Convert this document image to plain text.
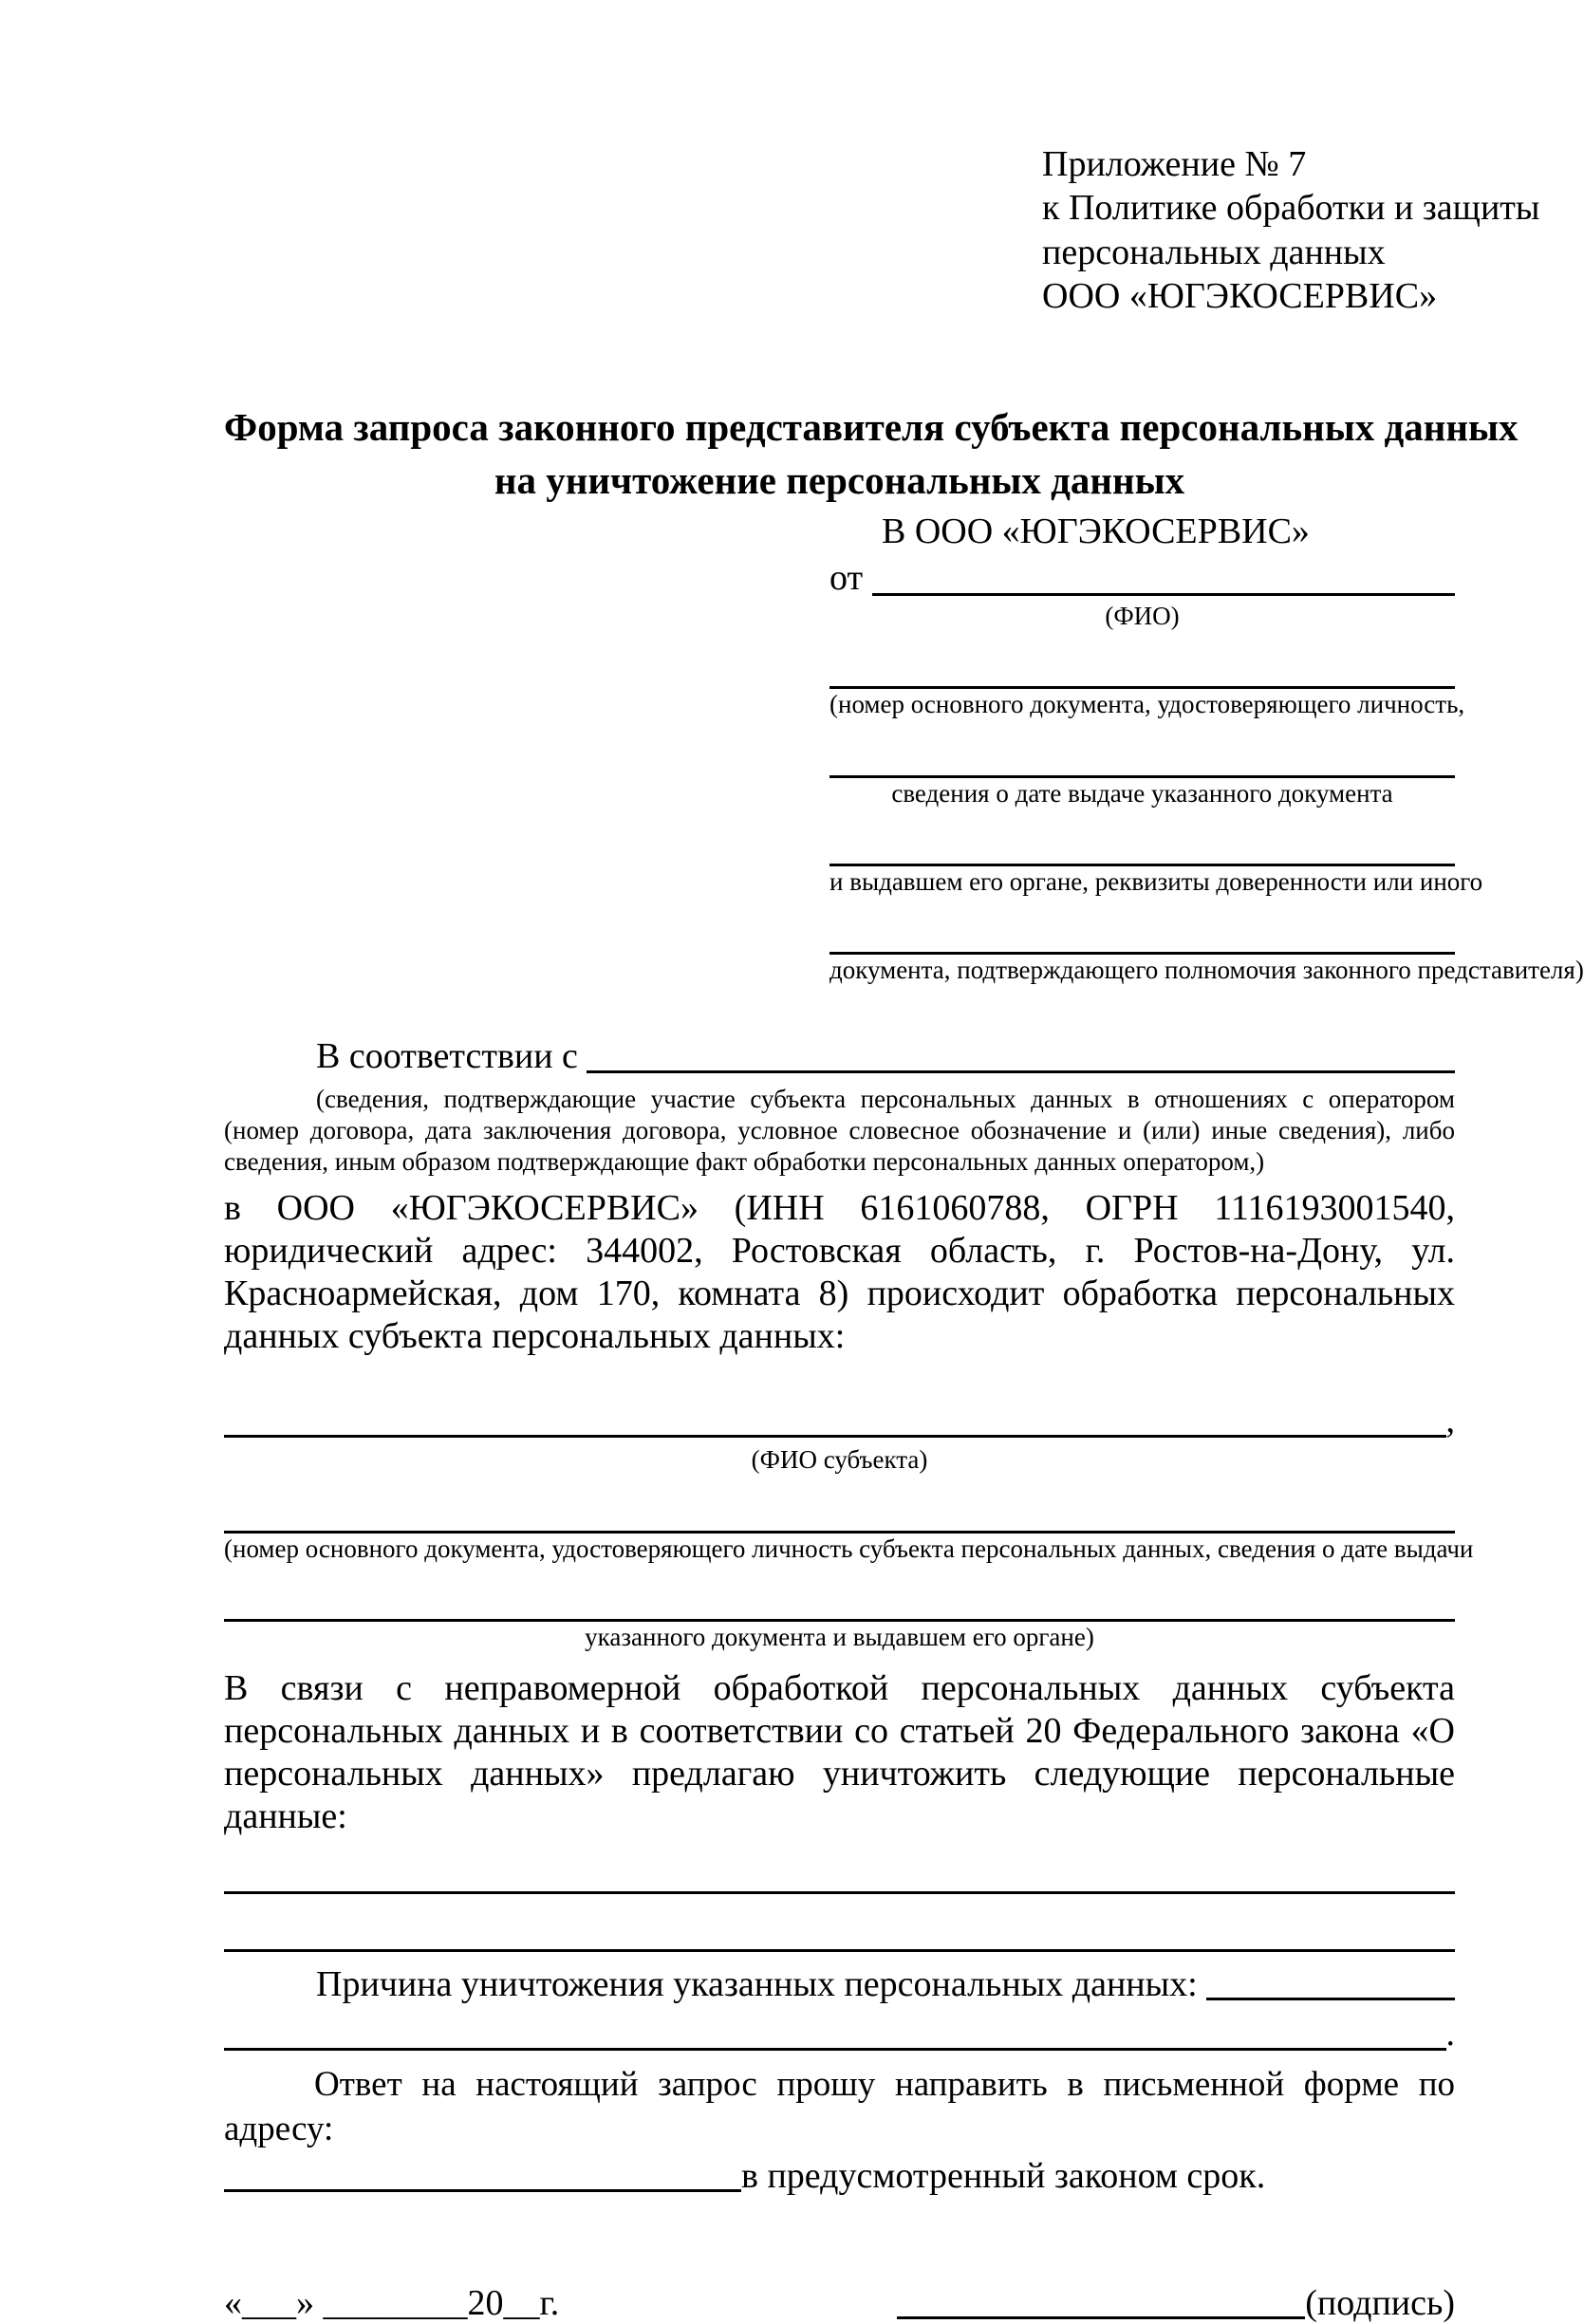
Приложение № 7
к Политике обработки и защиты
персональных данных
ООО «ЮГЭКОСЕРВИС»
Форма запроса законного представителя субъекта персональных данных
на уничтожение персональных данных
В ООО «ЮГЭКОСЕРВИС»
от

(ФИО)
(номер основного документа, удостоверяющего личность,
сведения о дате выдаче указанного документа
и выдавшем его органе, реквизиты доверенности или иного
документа, подтверждающего полномочия законного представителя)
В соответствии с

(сведения, подтверждающие участие субъекта персональных данных в отношениях с оператором (номер договора, дата заключения договора, условное словесное обозначение и (или) иные сведения), либо сведения, иным образом подтверждающие факт обработки персональных данных оператором,)
в ООО «ЮГЭКОСЕРВИС» (ИНН 6161060788, ОГРН 1116193001540, юридический адрес: 344002, Ростовская область, г. Ростов-на-Дону, ул. Красноармейская, дом 170, комната 8) происходит обработка персональных данных субъекта персональных данных:
,
(ФИО субъекта)
(номер основного документа, удостоверяющего личность субъекта персональных данных, сведения о дате выдачи
указанного документа и выдавшем его органе)
В связи с неправомерной обработкой персональных данных субъекта персональных данных и в соответствии со статьей 20 Федерального закона «О персональных данных» предлагаю уничтожить следующие персональные данные:
Причина уничтожения указанных персональных данных:

.
Ответ на настоящий запрос прошу направить в письменной форме по адресу:
в предусмотренный законом срок.
«___» ________20__г.	(подпись)
